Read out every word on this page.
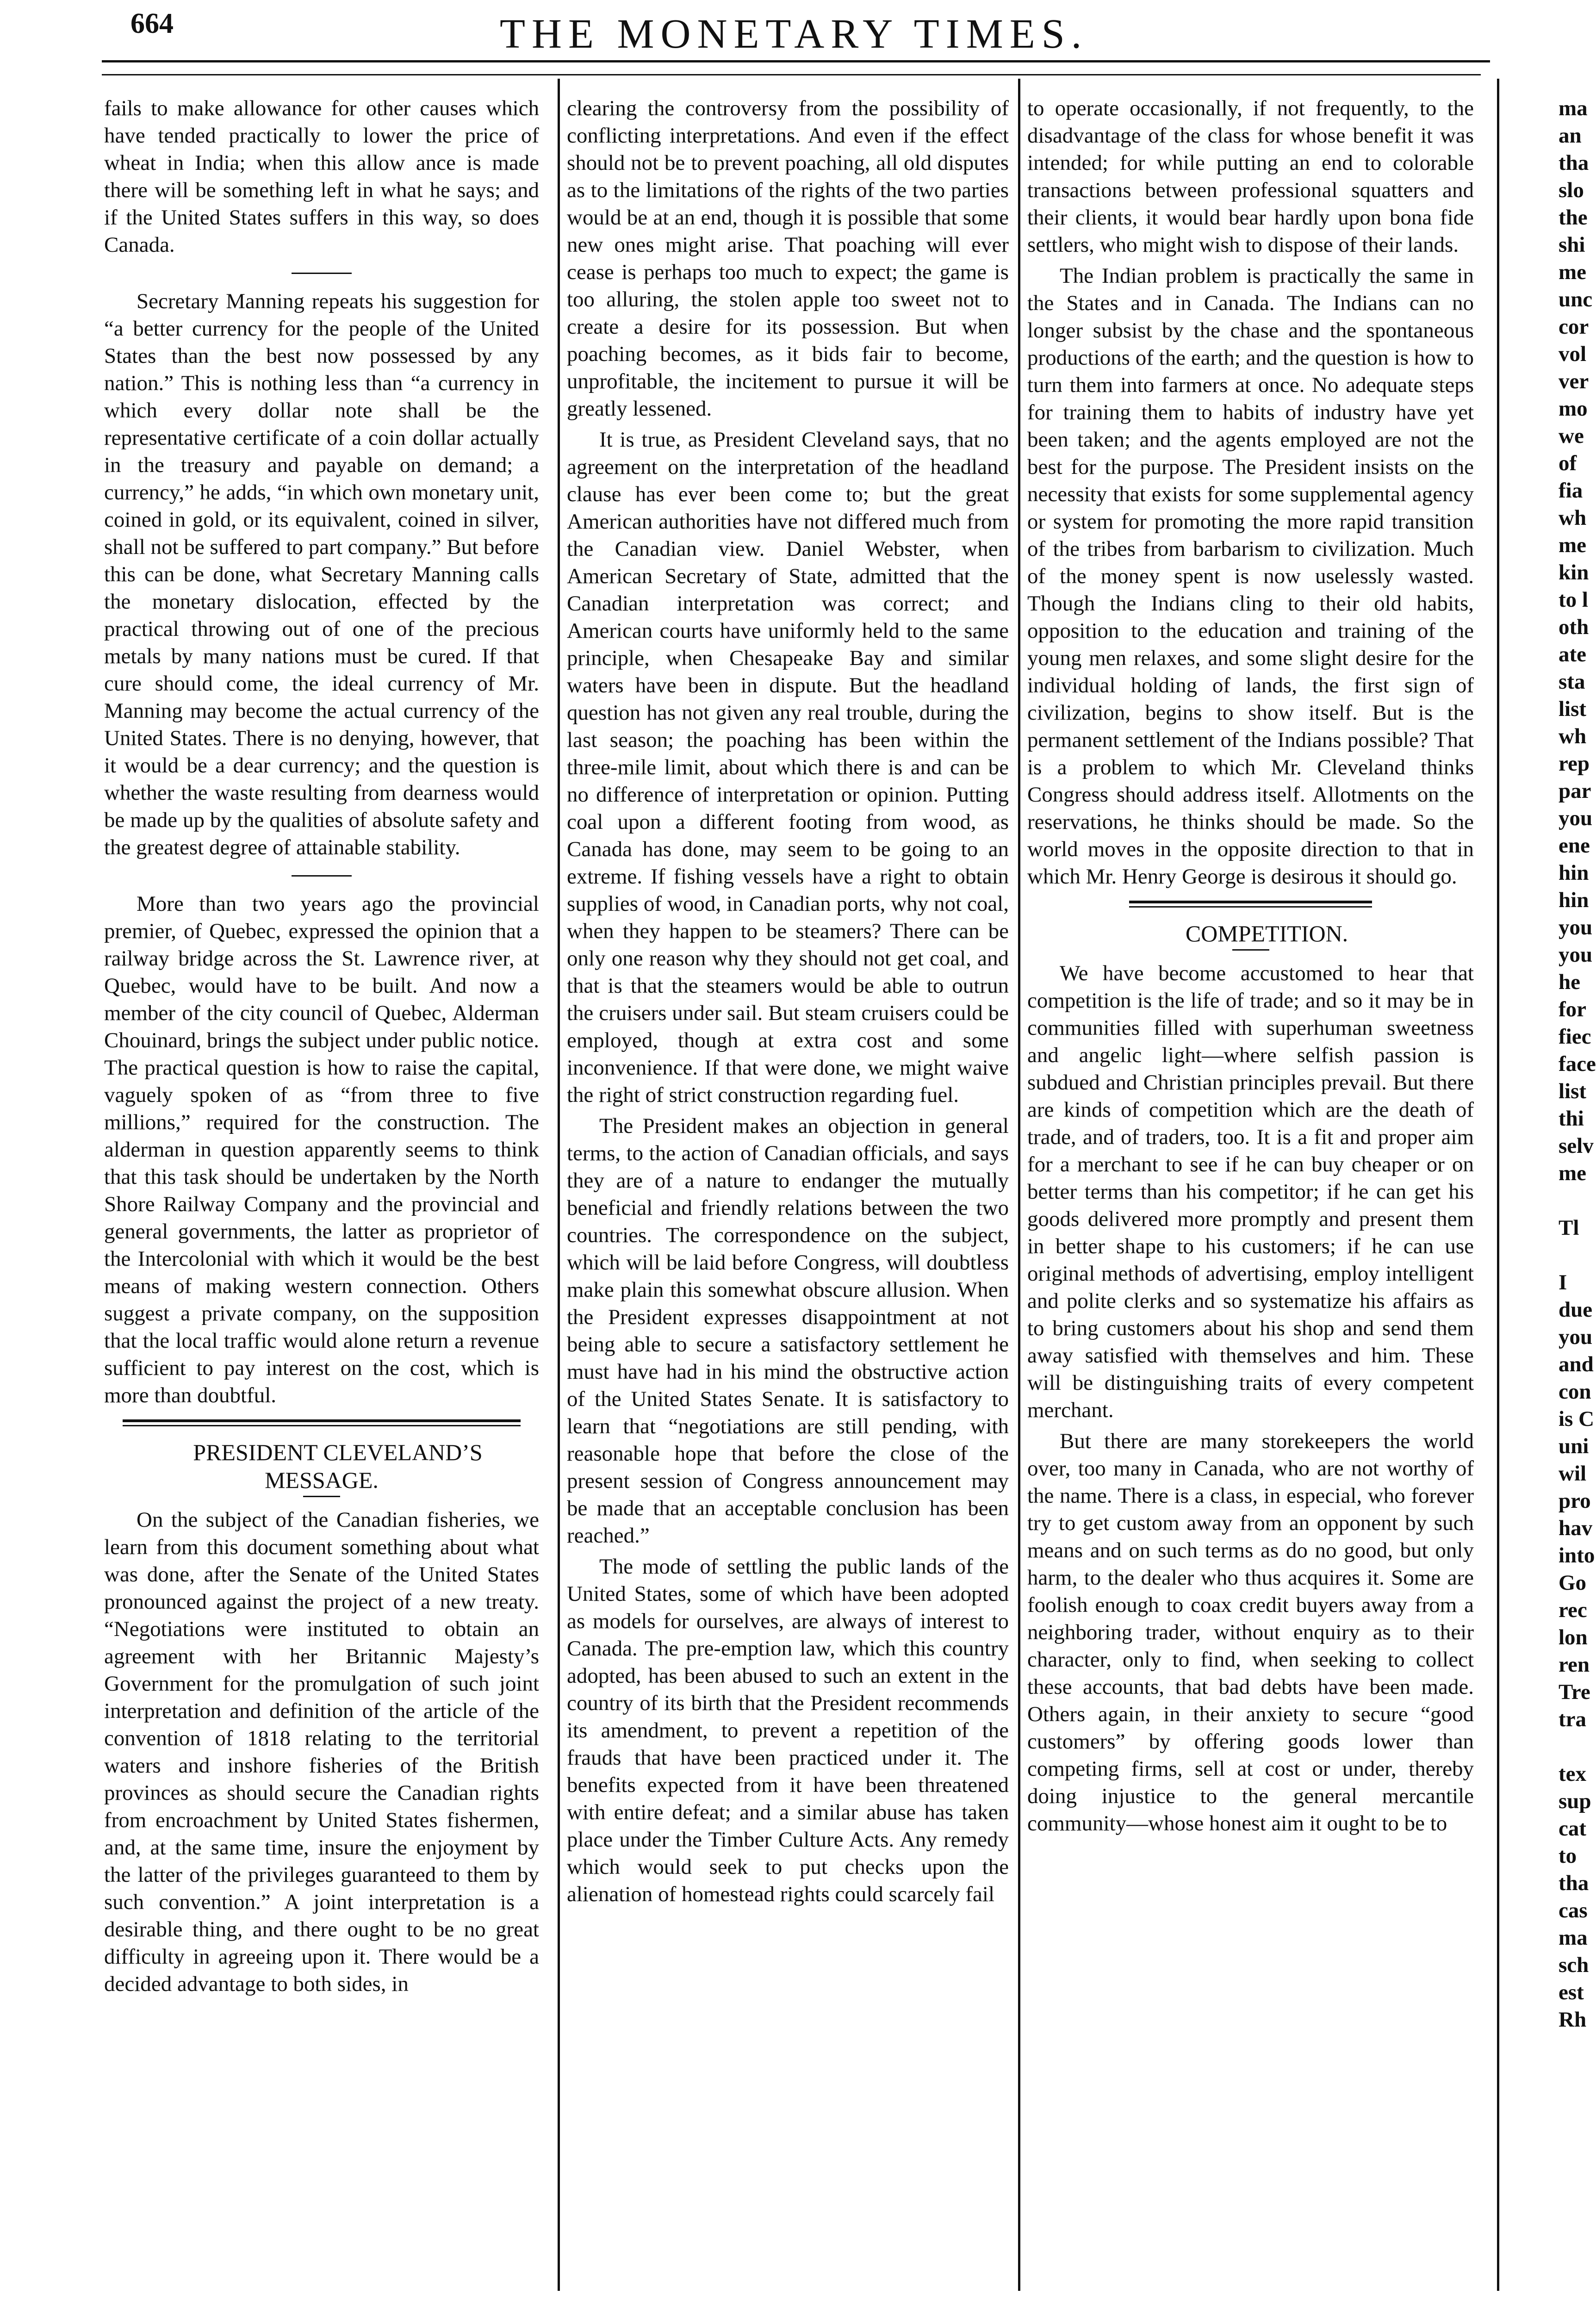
664	THE MONETARY TIMES.

fails to make allowance for other causes which have tended practically to lower the price of wheat in India; when this allow ance is made there will be something left in what he says; and if the United States suffers in this way, so does Canada.

Secretary Manning repeats his suggestion for “a better currency for the people of the United States than the best now possessed by any nation.” This is nothing less than “a currency in which every dollar note shall be the representative certificate of a coin dollar actually in the treasury and payable on demand; a currency,” he adds, “in which own monetary unit, coined in gold, or its equivalent, coined in silver, shall not be suffered to part company.” But before this can be done, what Secretary Manning calls the monetary dislocation, effected by the practical throwing out of one of the precious metals by many nations must be cured. If that cure should come, the ideal currency of Mr. Manning may become the actual currency of the United States. There is no denying, however, that it would be a dear currency; and the question is whether the waste resulting from dearness would be made up by the qualities of absolute safety and the greatest degree of attainable stability.

More than two years ago the provincial premier, of Quebec, expressed the opinion that a railway bridge across the St. Lawrence river, at Quebec, would have to be built. And now a member of the city council of Quebec, Alderman Chouinard, brings the subject under public notice. The practical question is how to raise the capital, vaguely spoken of as “from three to five millions,” required for the construction. The alderman in question apparently seems to think that this task should be undertaken by the North Shore Railway Company and the provincial and general governments, the latter as proprietor of the Intercolonial with which it would be the best means of making western connection. Others suggest a private company, on the supposition that the local traffic would alone return a revenue sufficient to pay interest on the cost, which is more than doubtful.

PRESIDENT CLEVELAND’S MESSAGE.

On the subject of the Canadian fisheries, we learn from this document something about what was done, after the Senate of the United States pronounced against the project of a new treaty. “Negotiations were instituted to obtain an agreement with her Britannic Majesty’s Government for the promulgation of such joint interpretation and definition of the article of the convention of 1818 relating to the territorial waters and inshore fisheries of the British provinces as should secure the Canadian rights from encroachment by United States fishermen, and, at the same time, insure the enjoyment by the latter of the privileges guaranteed to them by such convention.” A joint interpretation is a desirable thing, and there ought to be no great difficulty in agreeing upon it. There would be a decided advantage to both sides, in

clearing the controversy from the possibility of conflicting interpretations. And even if the effect should not be to prevent poaching, all old disputes as to the limitations of the rights of the two parties would be at an end, though it is possible that some new ones might arise. That poaching will ever cease is perhaps too much to expect; the game is too alluring, the stolen apple too sweet not to create a desire for its possession. But when poaching becomes, as it bids fair to become, unprofitable, the incitement to pursue it will be greatly lessened.

It is true, as President Cleveland says, that no agreement on the interpretation of the headland clause has ever been come to; but the great American authorities have not differed much from the Canadian view. Daniel Webster, when American Secretary of State, admitted that the Canadian interpretation was correct; and American courts have uniformly held to the same principle, when Chesapeake Bay and similar waters have been in dispute. But the headland question has not given any real trouble, during the last season; the poaching has been within the three-mile limit, about which there is and can be no difference of interpretation or opinion. Putting coal upon a different footing from wood, as Canada has done, may seem to be going to an extreme. If fishing vessels have a right to obtain supplies of wood, in Canadian ports, why not coal, when they happen to be steamers? There can be only one reason why they should not get coal, and that is that the steamers would be able to outrun the cruisers under sail. But steam cruisers could be employed, though at extra cost and some inconvenience. If that were done, we might waive the right of strict construction regarding fuel.

The President makes an objection in general terms, to the action of Canadian officials, and says they are of a nature to endanger the mutually beneficial and friendly relations between the two countries. The correspondence on the subject, which will be laid before Congress, will doubtless make plain this somewhat obscure allusion. When the President expresses disappointment at not being able to secure a satisfactory settlement he must have had in his mind the obstructive action of the United States Senate. It is satisfactory to learn that “negotiations are still pending, with reasonable hope that before the close of the present session of Congress announcement may be made that an acceptable conclusion has been reached.”

The mode of settling the public lands of the United States, some of which have been adopted as models for ourselves, are always of interest to Canada. The pre-emption law, which this country adopted, has been abused to such an extent in the country of its birth that the President recommends its amendment, to prevent a repetition of the frauds that have been practiced under it. The benefits expected from it have been threatened with entire defeat; and a similar abuse has taken place under the Timber Culture Acts. Any remedy which would seek to put checks upon the alienation of homestead rights could scarcely fail

to operate occasionally, if not frequently, to the disadvantage of the class for whose benefit it was intended; for while putting an end to colorable transactions between professional squatters and their clients, it would bear hardly upon bona fide settlers, who might wish to dispose of their lands.

The Indian problem is practically the same in the States and in Canada. The Indians can no longer subsist by the chase and the spontaneous productions of the earth; and the question is how to turn them into farmers at once. No adequate steps for training them to habits of industry have yet been taken; and the agents employed are not the best for the purpose. The President insists on the necessity that exists for some supplemental agency or system for promoting the more rapid transition of the tribes from barbarism to civilization. Much of the money spent is now uselessly wasted. Though the Indians cling to their old habits, opposition to the education and training of the young men relaxes, and some slight desire for the individual holding of lands, the first sign of civilization, begins to show itself. But is the permanent settlement of the Indians possible? That is a problem to which Mr. Cleveland thinks Congress should address itself. Allotments on the reservations, he thinks should be made. So the world moves in the opposite direction to that in which Mr. Henry George is desirous it should go.

COMPETITION.

We have become accustomed to hear that competition is the life of trade; and so it may be in communities filled with superhuman sweetness and angelic light—where selfish passion is subdued and Christian principles prevail. But there are kinds of competition which are the death of trade, and of traders, too. It is a fit and proper aim for a merchant to see if he can buy cheaper or on better terms than his competitor; if he can get his goods delivered more promptly and present them in better shape to his customers; if he can use original methods of advertising, employ intelligent and polite clerks and so systematize his affairs as to bring customers about his shop and send them away satisfied with themselves and him. These will be distinguishing traits of every competent merchant.

But there are many storekeepers the world over, too many in Canada, who are not worthy of the name. There is a class, in especial, who forever try to get custom away from an opponent by such means and on such terms as do no good, but only harm, to the dealer who thus acquires it. Some are foolish enough to coax credit buyers away from a neighboring trader, without enquiry as to their character, only to find, when seeking to collect these accounts, that bad debts have been made. Others again, in their anxiety to secure “good customers” by offering goods lower than competing firms, sell at cost or under, thereby doing injustice to the general mercantile community—whose honest aim it ought to be to

ma
an
tha
slo
the
shi
me
unc
cor
vol
ver
mo
we
of
fia
wh
me
kin
to l
oth
ate
sta
list
wh
rep
par
you
ene
hin
hin
you
you
he
for
fiec
face
list
thi
selv
me
Tl
I
due
you
and
con
is C
uni
wil
pro
hav
into
Go
rec
lon
ren
Tre
tra
tex
sup
cat
to
tha
cas
ma
sch
est
Rh
